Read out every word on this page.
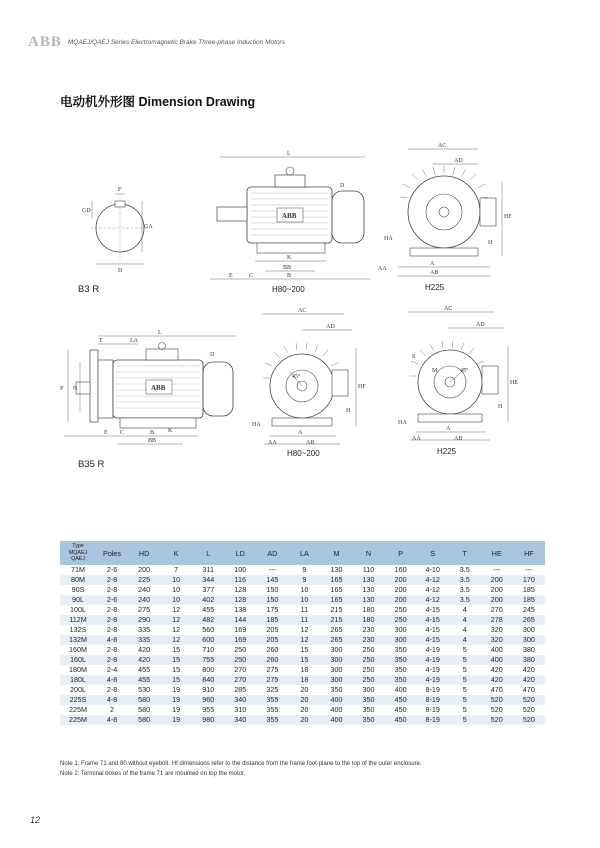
ABB MQAEJ/QAEJ Series Electromagnetic Brake Three-phase Induction Motors
电动机外形图 Dimension Drawing
F
GD
GA
D
B3 R
ABB
L
D
K
BB
B
E	C
H80~200
AC
AD
HF
H
HA
A
AA
AB
H225
ABB
L
T	LA
D
P N
K
B
BB
E C
B35 R
45°
AC
AD
HF
H
HA
A
AA	AB
H80~200
45°
S
M
AC
AD
HE
H
HA
A
AA	AB
H225
Type
MQAEJ
QAEJ	Poles	HD	K	L	LD	AD	LA	M	N	P	S	T	HE	HF
71M	2-6	200	7	311	100	---	9	130	110	160	4-10	3.5	---	---
80M	2-8	225	10	344	116	145	9	165	130	200	4-12	3.5	200	170
90S	2-8	240	10	377	128	150	10	165	130	200	4-12	3.5	200	185
90L	2-6	240	10	402	128	150	10	165	130	200	4-12	3.5	200	185
100L	2-8	275	12	455	138	175	11	215	180	250	4-15	4	270	245
112M	2-8	290	12	482	144	185	11	215	180	250	4-15	4	278	265
132S	2-8	335	12	560	169	205	12	265	230	300	4-15	4	320	300
132M	4-8	335	12	600	169	205	12	265	230	300	4-15	4	320	300
160M	2-8	420	15	710	250	260	15	300	250	350	4-19	5	400	380
160L	2-8	420	15	755	250	260	15	300	250	350	4-19	5	400	380
180M	2-4	455	15	800	270	275	18	300	250	350	4-19	5	420	420
180L	4-8	455	15	840	270	275	18	300	250	350	4-19	5	420	420
200L	2-8	530	19	910	285	325	20	350	300	400	8-19	5	470	470
225S	4-8	580	19	960	340	355	20	400	350	450	8-19	5	520	520
225M	2	580	19	955	310	355	20	400	350	450	8-19	5	520	520
225M	4-8	580	19	980	340	355	20	400	350	450	8-19	5	520	520
Note 1: Frame 71 and 80 without eyebolt. Hf dimensions refer to the distance from the frame foot-plane to the top of the outer enclosure.
Note 2: Terminal boxes of the frame 71 are mounted on top the motor.
12
